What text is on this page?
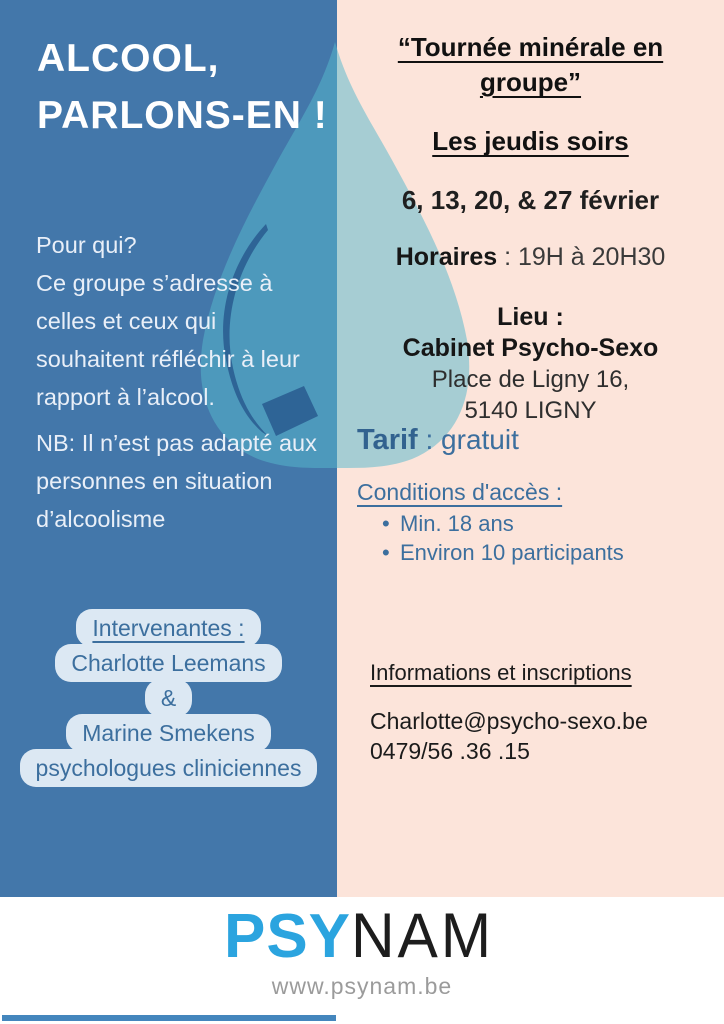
ALCOOL,
PARLONS-EN !
Pour qui?
Ce groupe s’adresse à
celles et ceux qui
souhaitent réfléchir à leur
rapport à l’alcool.
NB: Il n’est pas adapté aux
personnes en situation
d’alcoolisme
Intervenantes :
Charlotte Leemans
&
Marine Smekens
psychologues cliniciennes
“Tournée minérale en
groupe”
Les jeudis soirs
6, 13, 20, & 27 février
Horaires : 19H à 20H30
Lieu :
Cabinet Psycho-Sexo
Place de Ligny 16,
5140 LIGNY
Tarif : gratuit
Conditions d'accès :
• Min. 18 ans
• Environ 10 participants
Informations et inscriptions
Charlotte@psycho-sexo.be
0479/56 .36 .15
PSYNAM
www.psynam.be
